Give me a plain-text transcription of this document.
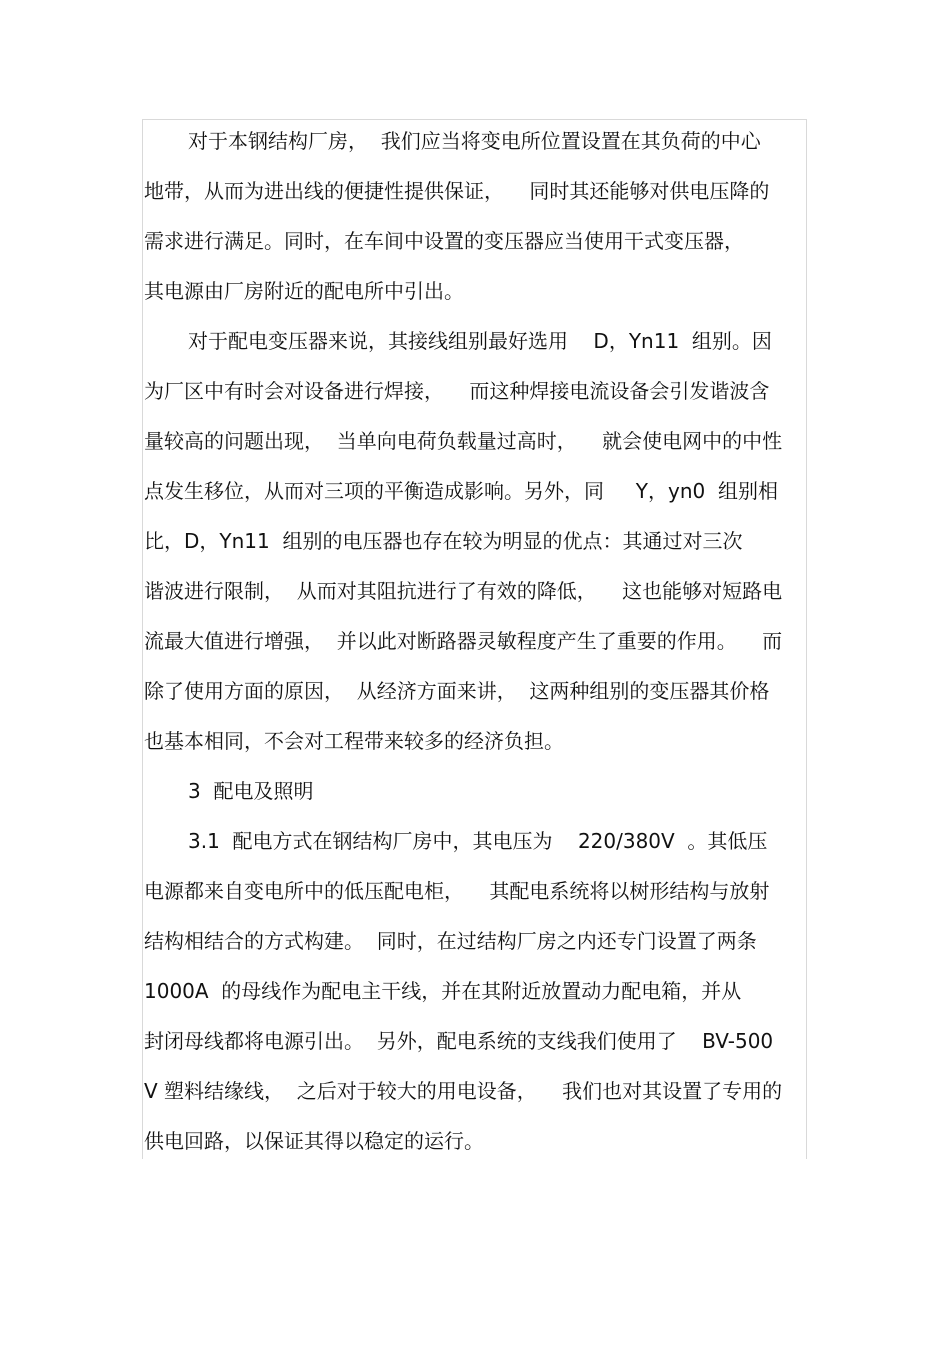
对于本钢结构厂房，  我们应当将变电所位置设置在其负荷的中心
地带，从而为进出线的便捷性提供保证，    同时其还能够对供电压降的
需求进行满足。同时，在车间中设置的变压器应当使用干式变压器，
其电源由厂房附近的配电所中引出。
对于配电变压器来说，其接线组别最好选用    D，Yn11  组别。因
为厂区中有时会对设备进行焊接，    而这种焊接电流设备会引发谐波含
量较高的问题出现，  当单向电荷负载量过高时，    就会使电网中的中性
点发生移位，从而对三项的平衡造成影响。另外，同     Y，yn0  组别相
比，D，Yn11  组别的电压器也存在较为明显的优点：其通过对三次
谐波进行限制，  从而对其阻抗进行了有效的降低，    这也能够对短路电
流最大值进行增强，  并以此对断路器灵敏程度产生了重要的作用。    而
除了使用方面的原因，  从经济方面来讲，  这两种组别的变压器其价格
也基本相同，不会对工程带来较多的经济负担。
3  配电及照明
3.1  配电方式在钢结构厂房中，其电压为    220/380V  。其低压
电源都来自变电所中的低压配电柜，    其配电系统将以树形结构与放射
结构相结合的方式构建。  同时，在过结构厂房之内还专门设置了两条
1000A  的母线作为配电主干线，并在其附近放置动力配电箱，并从
封闭母线都将电源引出。  另外，配电系统的支线我们使用了    BV-500
V 塑料结缘线，  之后对于较大的用电设备，    我们也对其设置了专用的
供电回路，以保证其得以稳定的运行。
